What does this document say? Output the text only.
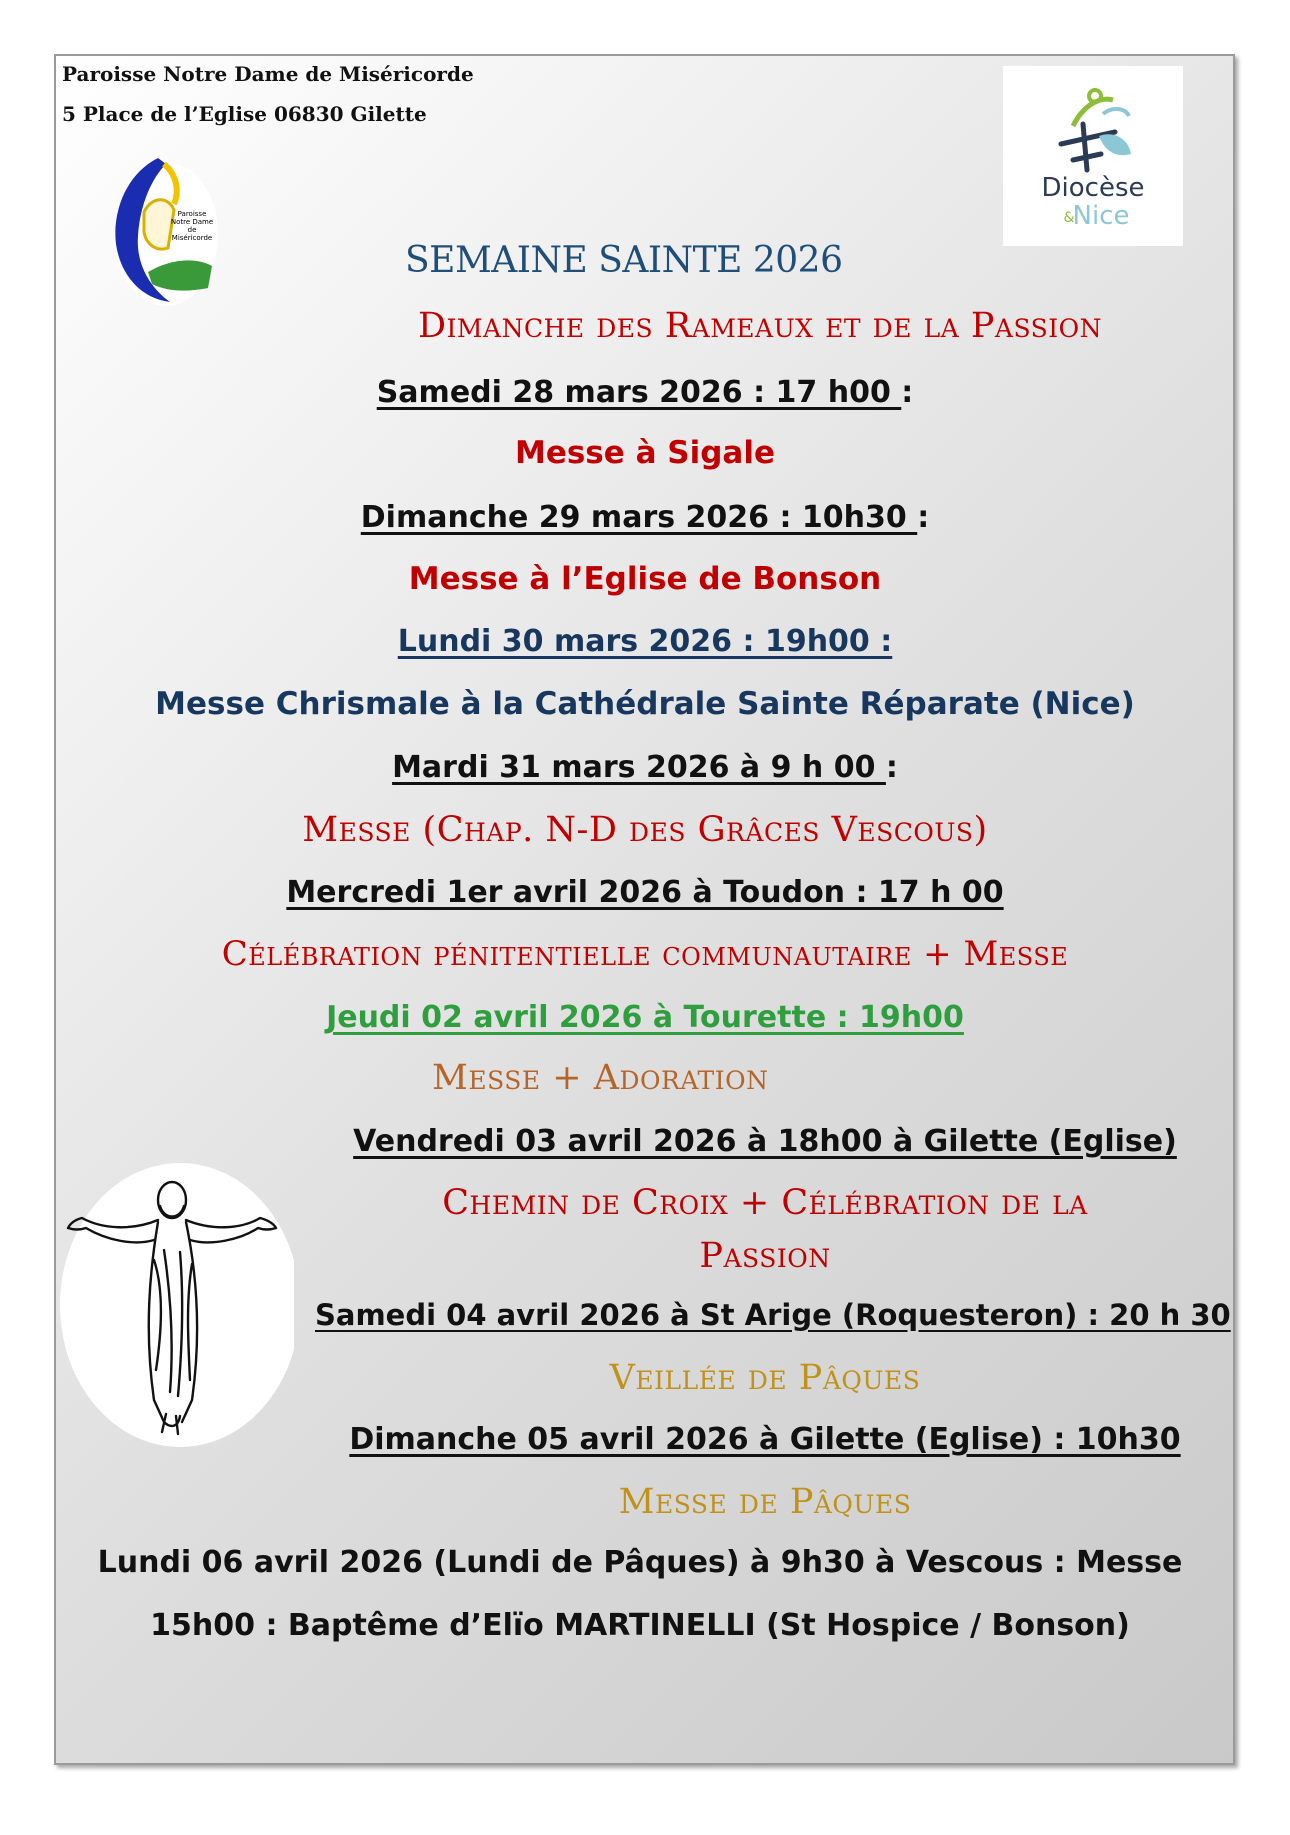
Paroisse Notre Dame de Miséricorde
5 Place de l’Eglise 06830 Gilette
Paroisse
Notre Dame
de
Miséricorde
Diocèse
&
Nice
SEMAINE SAINTE 2026
Dimanche des Rameaux et de la Passion
Samedi 28 mars 2026 : 17 h00 :
Messe à Sigale
Dimanche 29 mars 2026 : 10h30 :
Messe à l’Eglise de Bonson
Lundi 30 mars 2026 : 19h00 :
Messe Chrismale à la Cathédrale Sainte Réparate (Nice)
Mardi 31 mars 2026 à 9 h 00 :
Messe (Chap. N-D des Grâces Vescous)
Mercredi 1er avril 2026 à Toudon : 17 h 00
Célébration pénitentielle communautaire + Messe
Jeudi 02 avril 2026 à Tourette : 19h00
Messe + Adoration
Vendredi 03 avril 2026 à 18h00 à Gilette (Eglise)
Chemin de Croix + Célébration de la
Passion
Samedi 04 avril 2026 à St Arige (Roquesteron) : 20 h 30
Veillée de Pâques
Dimanche 05 avril 2026 à Gilette (Eglise) : 10h30
Messe de Pâques
Lundi 06 avril 2026 (Lundi de Pâques) à 9h30 à Vescous : Messe
15h00 : Baptême d’Elïo MARTINELLI (St Hospice / Bonson)
